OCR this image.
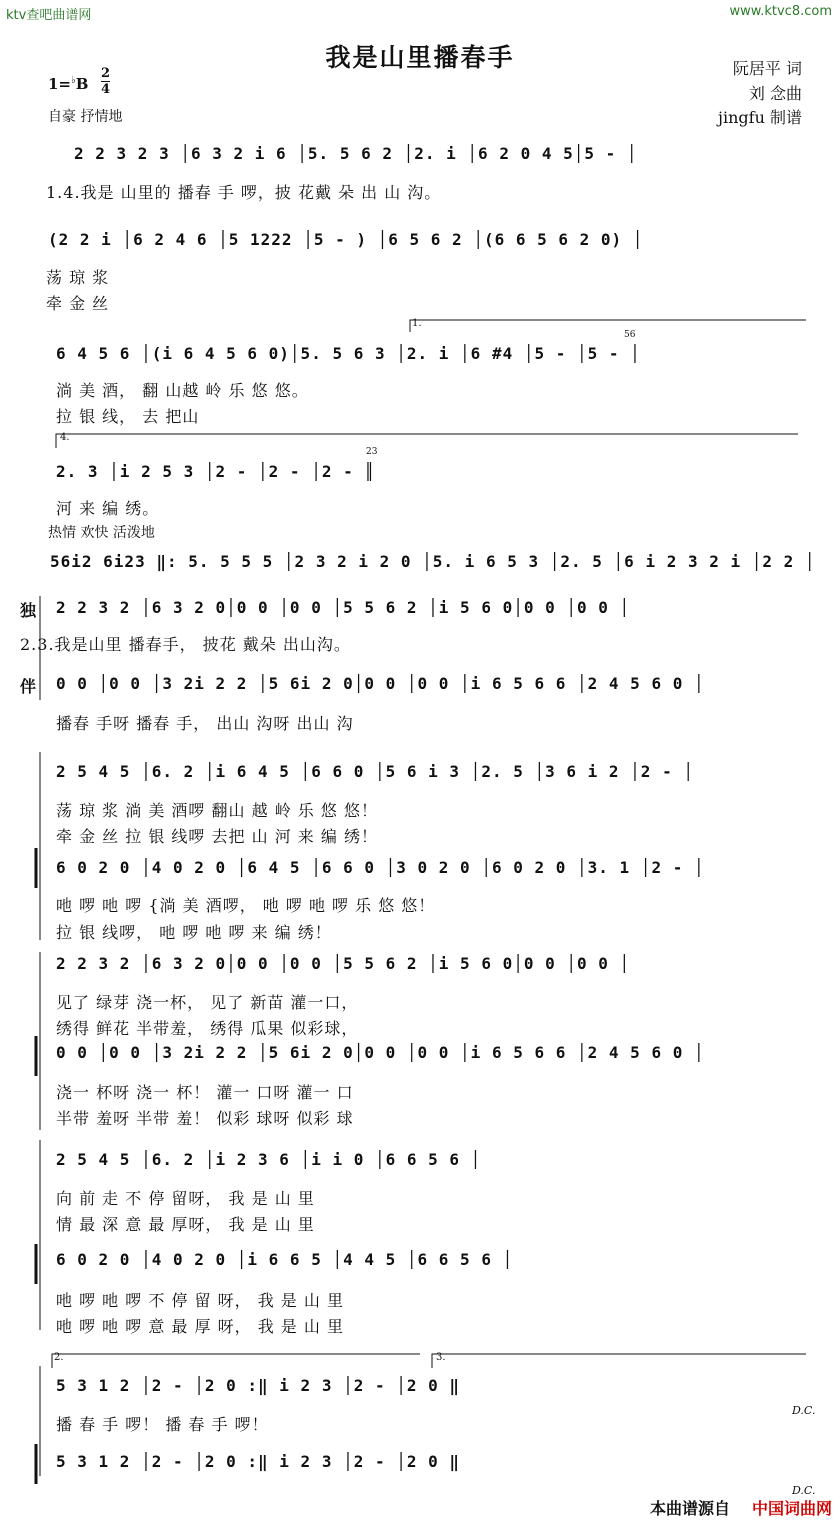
ktv查吧曲谱网	www.ktvc8.com
我是山里播春手	阮居平 词
刘 念曲
jingfu 制谱
1=♭B
2
4
自豪 抒情地
2 2 3 2 3 │6 3 2 i 6 │5. 5 6 2 │2. i │6 2 0 4 5│5 - │
1.4.我是 山里的 播春 手 啰，披 花戴 朵 出 山 沟。
(2 2 i │6 2 4 6 │5 1222 │5 - ) │6 5 6 2 │(6 6 5 6 2 0) │
荡 琼 浆
牵 金 丝
6 4 5 6 │(i 6 4 5 6 0)│5. 5 6 3 │2. i │6 #4 │5 - │5 - │
淌 美 酒， 翻 山越 岭 乐 悠 悠。
拉 银 线， 去 把山
2. 3 │i 2 5 3 │2 - │2 - │2 - ║
河 来 编 绣。
热情 欢快 活泼地
56i2 6i23 ‖: 5. 5 5 5 │2 3 2 i 2 0 │5. i 6 5 3 │2. 5 │6 i 2 3 2 i │2 2 │
独 2 2 3 2 │6 3 2 0│0 0 │0 0 │5 5 6 2 │i 5 6 0│0 0 │0 0 │
2.3.我是山里 播春手， 披花 戴朵 出山沟。
伴 0 0 │0 0 │3 2i 2 2 │5 6i 2 0│0 0 │0 0 │i 6 5 6 6 │2 4 5 6 0 │
播春 手呀 播春 手， 出山 沟呀 出山 沟
2 5 4 5 │6. 2 │i 6 4 5 │6 6 0 │5 6 i 3 │2. 5 │3 6 i 2 │2 - │
荡 琼 浆 淌 美 酒啰 翻山 越 岭 乐 悠 悠！
牵 金 丝 拉 银 线啰 去把 山 河 来 编 绣！
6 0 2 0 │4 0 2 0 │6 4 5 │6 6 0 │3 0 2 0 │6 0 2 0 │3. 1 │2 - │
吔 啰 吔 啰 {淌 美 酒啰， 吔 啰 吔 啰 乐 悠 悠！
拉 银 线啰， 吔 啰 吔 啰 来 编 绣！
2 2 3 2 │6 3 2 0│0 0 │0 0 │5 5 6 2 │i 5 6 0│0 0 │0 0 │
见了 绿芽 浇一杯， 见了 新苗 灌一口，
绣得 鲜花 半带羞， 绣得 瓜果 似彩球，
0 0 │0 0 │3 2i 2 2 │5 6i 2 0│0 0 │0 0 │i 6 5 6 6 │2 4 5 6 0 │
浇一 杯呀 浇一 杯！ 灌一 口呀 灌一 口
半带 羞呀 半带 羞！ 似彩 球呀 似彩 球
2 5 4 5 │6. 2 │i 2 3 6 │i i 0 │6 6 5 6 │
向 前 走 不 停 留呀， 我 是 山 里
情 最 深 意 最 厚呀， 我 是 山 里
6 0 2 0 │4 0 2 0 │i 6 6 5 │4 4 5 │6 6 5 6 │
吔 啰 吔 啰 不 停 留 呀， 我 是 山 里
吔 啰 吔 啰 意 最 厚 呀， 我 是 山 里
2.	3.
5 3 1 2 │2 - │2 0 :‖ i 2 3 │2 - │2 0 ‖
播 春 手 啰！ 播 春 手 啰！
D.C.
5 3 1 2 │2 - │2 0 :‖ i 2 3 │2 - │2 0 ‖
D.C.
1.
4.
56
23
本曲谱源自 中国词曲网
